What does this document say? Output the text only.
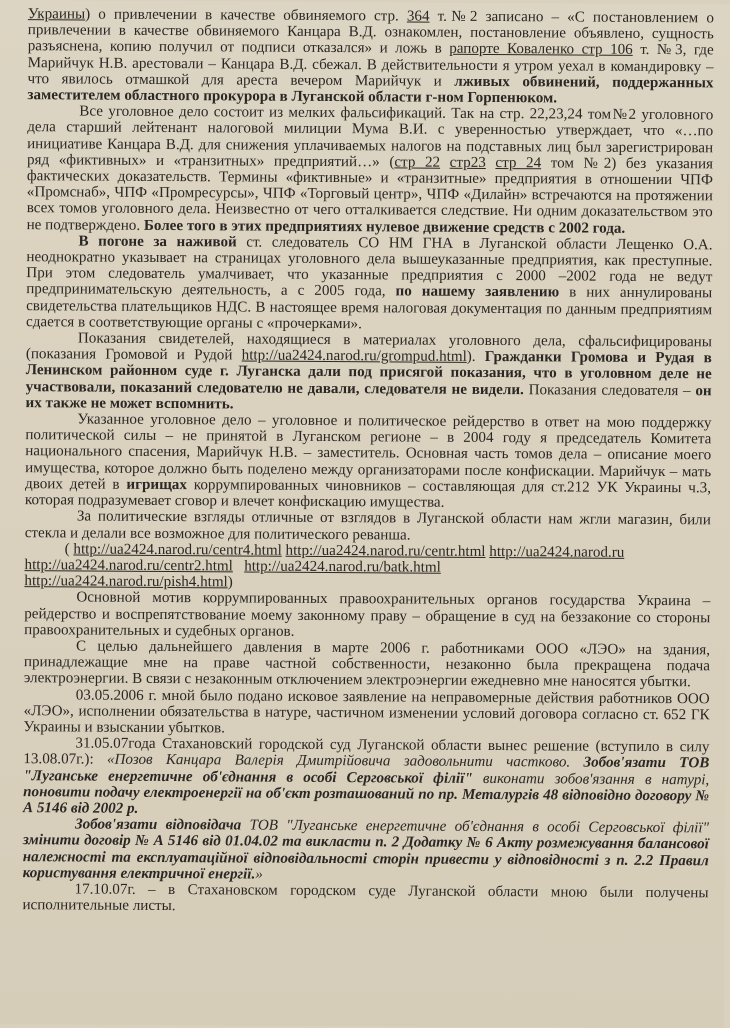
Украины) о привлечении в качестве обвиняемого стр. 364 т.№2 записано – «С постановлением о привлечении в качестве обвиняемого Канцара В.Д. ознакомлен, постановление объявлено, сущность разъяснена, копию получил от подписи отказался» и ложь в рапорте Коваленко стр 106 т. №3, где Марийчук Н.В. арестовали – Канцара В.Д. сбежал. В действительности я утром уехал в командировку – что явилось отмашкой для ареста вечером Марийчук и лживых обвинений, поддержанных заместителем областного прокурора в Луганской области г-ном Горпенюком.

Все уголовное дело состоит из мелких фальсификаций. Так на стр. 22,23,24 том№2 уголовного дела старший лейтенант налоговой милиции Мума В.И. с уверенностью утверждает, что «…по инициативе Канцара В.Д. для снижения уплачиваемых налогов на подставных лиц был зарегистрирован ряд «фиктивных» и «транзитных» предприятий…» (стр 22 стр23 стр 24 том №2) без указания фактических доказательств. Термины «фиктивные» и «транзитные» предприятия в отношении ЧПФ «Промснаб», ЧПФ «Промресурсы», ЧПФ «Торговый центр», ЧПФ «Дилайн» встречаются на протяжении всех томов уголовного дела. Неизвестно от чего отталкивается следствие. Ни одним доказательством это не подтверждено. Более того в этих предприятиях нулевое движение средств с 2002 года.

В погоне за наживой ст. следователь СО НМ ГНА в Луганской области Лещенко О.А. неоднократно указывает на страницах уголовного дела вышеуказанные предприятия, как преступные. При этом следователь умалчивает, что указанные предприятия с 2000 –2002 года не ведут предпринимательскую деятельность, а с 2005 года, по нашему заявлению в них аннулированы свидетельства плательщиков НДС. В настоящее время налоговая документация по данным предприятиям сдается в соответствующие органы с «прочерками».

Показания свидетелей, находящиеся в материалах уголовного дела, сфальсифицированы (показания Громовой и Рудой http://ua2424.narod.ru/grompud.html). Гражданки Громова и Рудая в Ленинском районном суде г. Луганска дали под присягой показания, что в уголовном деле не участвовали, показаний следователю не давали, следователя не видели. Показания следователя – он их также не может вспомнить.

Указанное уголовное дело – уголовное и политическое рейдерство в ответ на мою поддержку политической силы – не принятой в Луганском регионе – в 2004 году я председатель Комитета национального спасения, Марийчук Н.В. – заместитель. Основная часть томов дела – описание моего имущества, которое должно быть поделено между организаторами после конфискации. Марийчук – мать двоих детей в игрищах коррумпированных чиновников – составляющая для ст.212 УК Украины ч.3, которая подразумевает сговор и влечет конфискацию имущества.

За политические взгляды отличные от взглядов в Луганской области нам жгли магазин, били стекла и делали все возможное для политического реванша.

( http://ua2424.narod.ru/centr4.html http://ua2424.narod.ru/centr.html http://ua2424.narod.ru

http://ua2424.narod.ru/centr2.html http://ua2424.narod.ru/batk.html
http://ua2424.narod.ru/pish4.html)

Основной мотив коррумпированных правоохранительных органов государства Украина – рейдерство и воспрепятствование моему законному праву – обращение в суд на беззаконие со стороны правоохранительных и судебных органов.

С целью дальнейшего давления в марте 2006 г. работниками ООО «ЛЭО» на здания, принадлежащие мне на праве частной собственности, незаконно была прекращена подача электроэнергии. В связи с незаконным отключением электроэнергии ежедневно мне наносятся убытки.

03.05.2006 г. мной было подано исковое заявление на неправомерные действия работников ООО «ЛЭО», исполнении обязательства в натуре, частичном изменении условий договора согласно ст. 652 ГК Украины и взыскании убытков.

31.05.07года Стахановский городской суд Луганской области вынес решение (вступило в силу 13.08.07г.): «Позов Канцара Валерія Дмитрійовича задовольнити частково. Зобов'язати ТОВ "Луганське енергетичне об'єднання в особі Серговської філії" виконати зобов'язання в натурі, поновити подачу електроенергії на об'єкт розташований по пр. Металургів 48 відповідно договору № А 5146 від 2002 р.

Зобов'язати відповідача ТОВ "Луганське енергетичне об'єднання в особі Серговської філії" змінити договір № А 5146 від 01.04.02 та викласти п. 2 Додатку № 6 Акту розмежування балансової належності та експлуатаційної відповідальності сторін привести у відповідності з п. 2.2 Правил користування електричної енергії.»

17.10.07г. – в Стахановском городском суде Луганской области мною были получены исполнительные листы.
